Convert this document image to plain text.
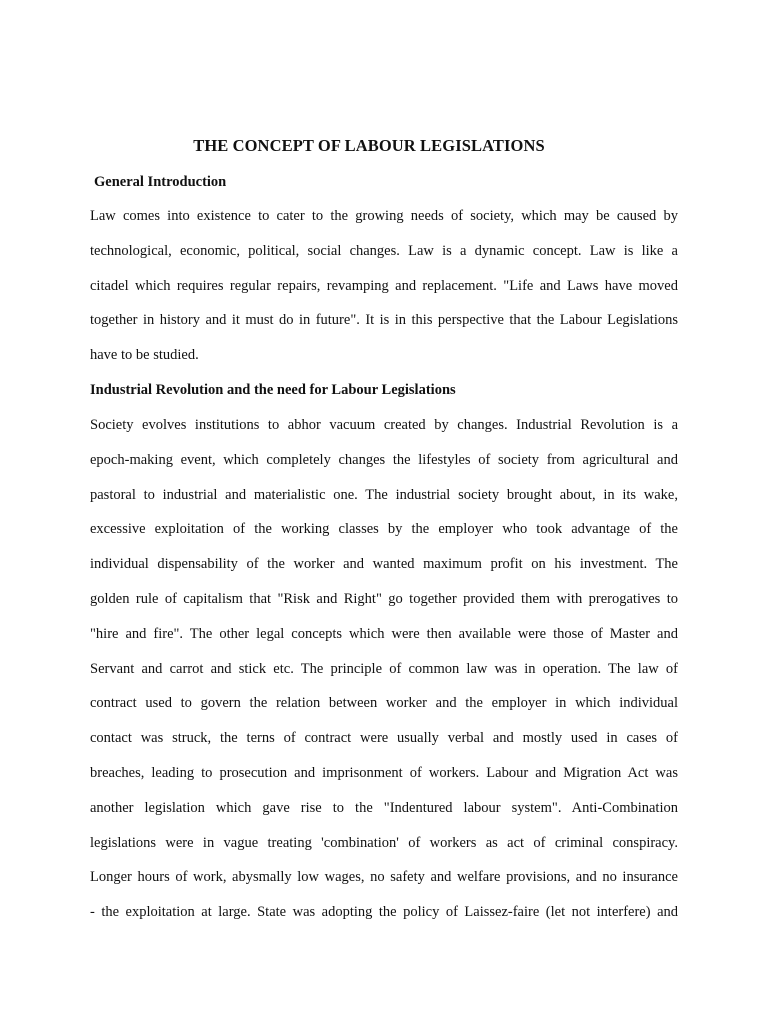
THE CONCEPT OF LABOUR LEGISLATIONS
General Introduction
Law comes into existence to cater to the growing needs of society, which may be caused by
technological, economic, political, social changes. Law is a dynamic concept. Law is like a
citadel which requires regular repairs, revamping and replacement. "Life and Laws have moved
together in history and it must do in future". It is in this perspective that the Labour Legislations
have to be studied.
Industrial Revolution and the need for Labour Legislations
Society evolves institutions to abhor vacuum created by changes. Industrial Revolution is a
epoch-making event, which completely changes the lifestyles of society from agricultural and
pastoral to industrial and materialistic one. The industrial society brought about, in its wake,
excessive exploitation of the working classes by the employer who took advantage of the
individual dispensability of the worker and wanted maximum profit on his investment. The
golden rule of capitalism that "Risk and Right" go together provided them with prerogatives to
"hire and fire". The other legal concepts which were then available were those of Master and
Servant and carrot and stick etc. The principle of common law was in operation. The law of
contract used to govern the relation between worker and the employer in which individual
contact was struck, the terns of contract were usually verbal and mostly used in cases of
breaches, leading to prosecution and imprisonment of workers. Labour and Migration Act was
another legislation which gave rise to the "Indentured labour system". Anti-Combination
legislations were in vague treating 'combination' of workers as act of criminal conspiracy.
Longer hours of work, abysmally low wages, no safety and welfare provisions, and no insurance
- the exploitation at large. State was adopting the policy of Laissez-faire (let not interfere) and
